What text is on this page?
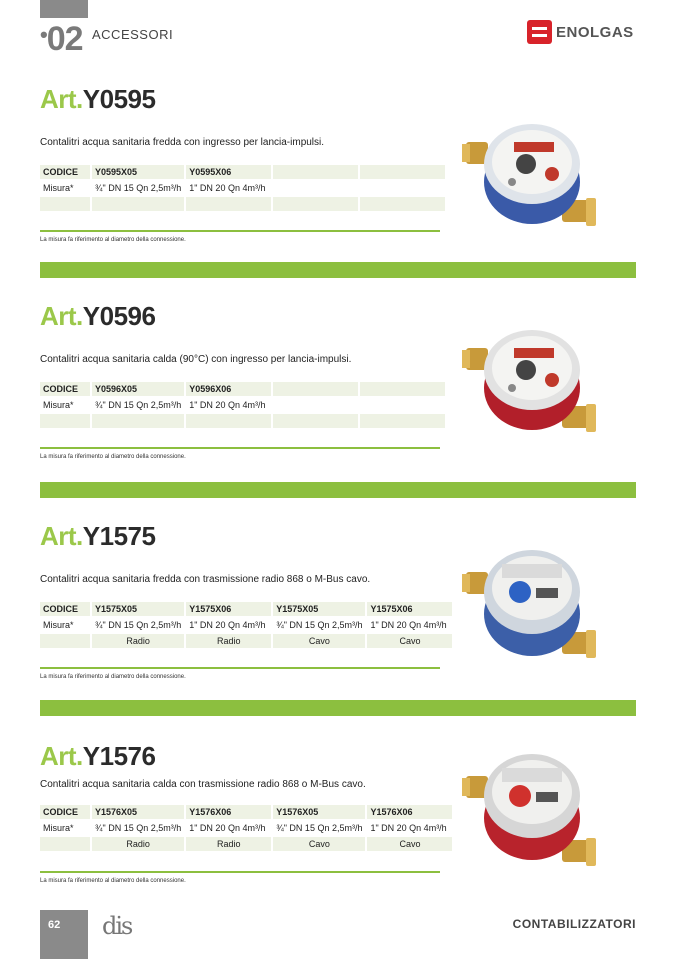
•02 ACCESSORI	ENOLGAS
Art.Y0595
Contalitri acqua sanitaria fredda con ingresso per lancia-impulsi.
CODICE	Y0595X05	Y0595X06		
Misura*	¾" DN 15 Qn 2,5m³/h	1" DN 20 Qn 4m³/h		

La misura fa riferimento al diametro della connessione.
Art.Y0596
Contalitri acqua sanitaria calda (90°C) con ingresso per lancia-impulsi.
CODICE	Y0596X05	Y0596X06		
Misura*	¾" DN 15 Qn 2,5m³/h	1" DN 20 Qn 4m³/h		

La misura fa riferimento al diametro della connessione.
Art.Y1575
Contalitri acqua sanitaria fredda con trasmissione radio 868 o M-Bus cavo.
CODICE	Y1575X05	Y1575X06	Y1575X05	Y1575X06
Misura*	¾" DN 15 Qn 2,5m³/h	1" DN 20 Qn 4m³/h	¾" DN 15 Qn 2,5m³/h	1" DN 20 Qn 4m³/h
	Radio	Radio	Cavo	Cavo
La misura fa riferimento al diametro della connessione.
Art.Y1576
Contalitri acqua sanitaria calda con trasmissione radio 868 o M-Bus cavo.
CODICE	Y1576X05	Y1576X06	Y1576X05	Y1576X06
Misura*	¾" DN 15 Qn 2,5m³/h	1" DN 20 Qn 4m³/h	¾" DN 15 Qn 2,5m³/h	1" DN 20 Qn 4m³/h
	Radio	Radio	Cavo	Cavo
La misura fa riferimento al diametro della connessione.
62	dis	CONTABILIZZATORI
